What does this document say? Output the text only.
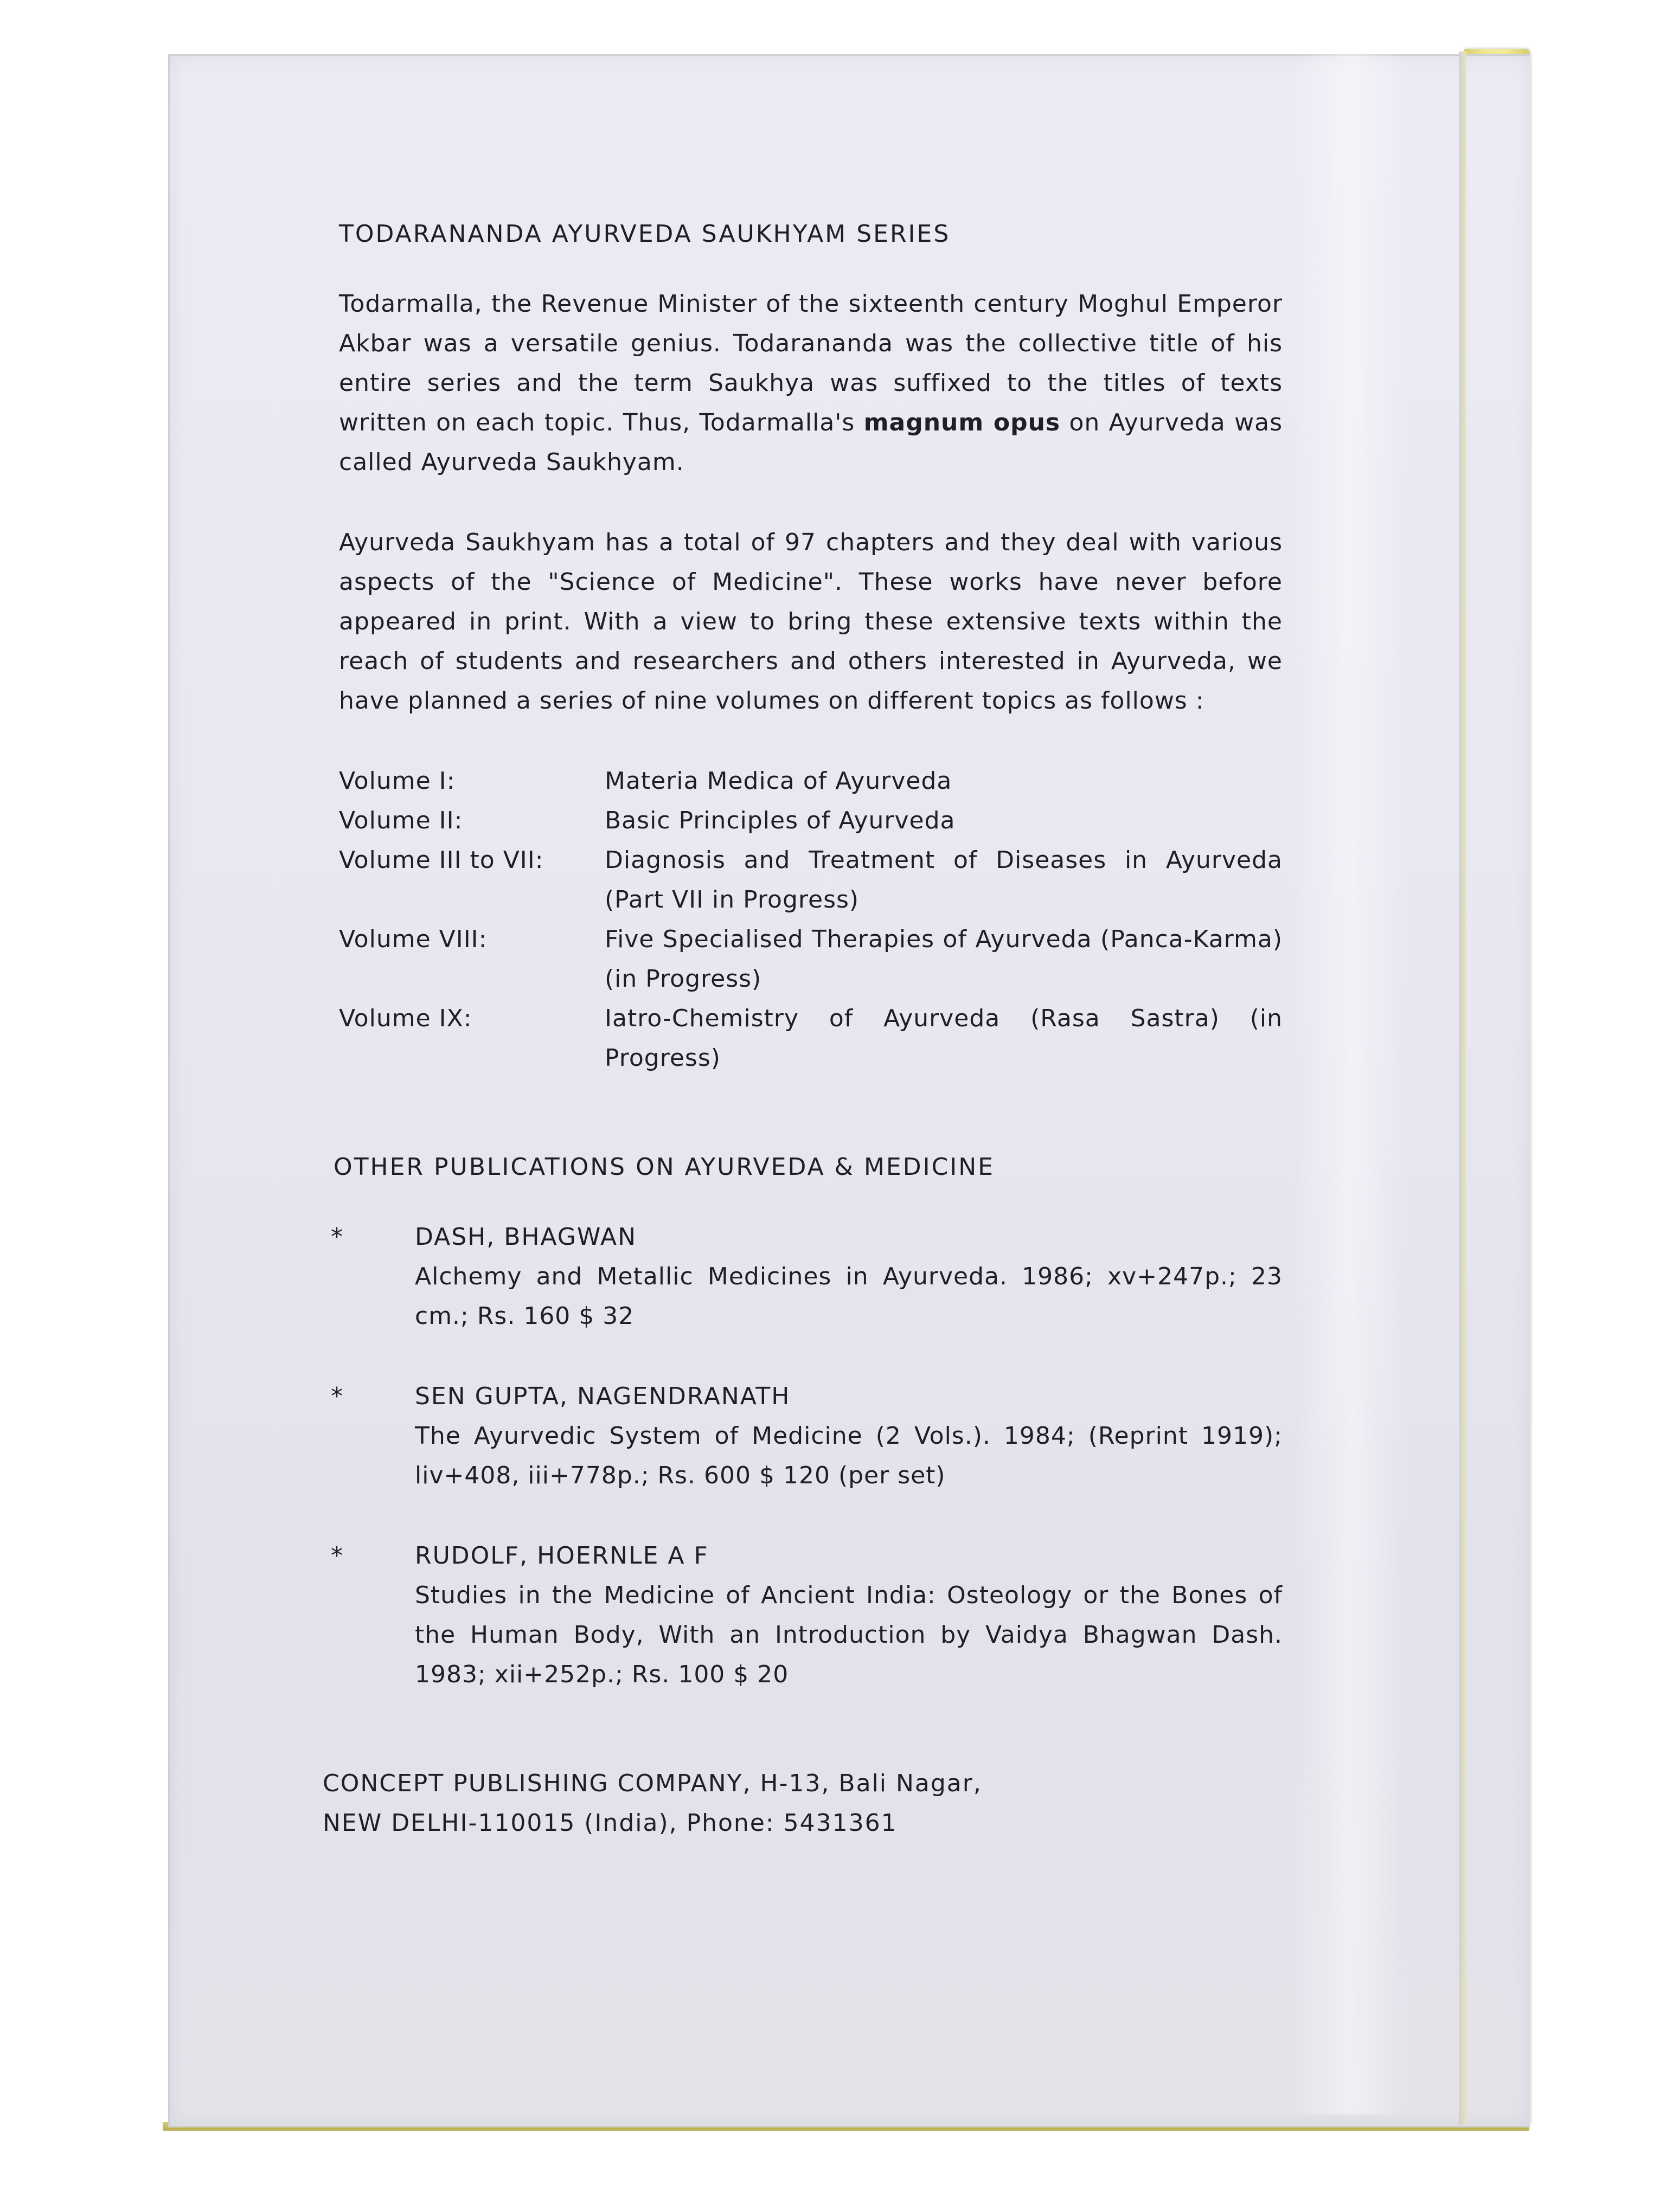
TODARANANDA AYURVEDA SAUKHYAM SERIES

Todarmalla, the Revenue Minister of the sixteenth century Moghul Emperor Akbar was a versatile genius. Todarananda was the collective title of his entire series and the term Saukhya was suffixed to the titles of texts written on each topic. Thus, Todarmalla's magnum opus on Ayurveda was called Ayurveda Saukhyam.

Ayurveda Saukhyam has a total of 97 chapters and they deal with various aspects of the "Science of Medicine". These works have never before appeared in print. With a view to bring these extensive texts within the reach of students and researchers and others interested in Ayurveda, we have planned a series of nine volumes on different topics as follows :

Volume I:	Materia Medica of Ayurveda
Volume II:	Basic Principles of Ayurveda
Volume III to VII:	Diagnosis and Treatment of Diseases in Ayurveda (Part VII in Progress)
Volume VIII:	Five Specialised Therapies of Ayurveda (Panca-Karma) (in Progress)
Volume IX:	Iatro-Chemistry of Ayurveda (Rasa Sastra) (in Progress)
OTHER PUBLICATIONS ON AYURVEDA & MEDICINE
*	DASH, BHAGWAN
Alchemy and Metallic Medicines in Ayurveda. 1986; xv+247p.; 23 cm.; Rs. 160 $ 32
*	SEN GUPTA, NAGENDRANATH
The Ayurvedic System of Medicine (2 Vols.). 1984; (Reprint 1919); liv+408, iii+778p.; Rs. 600 $ 120 (per set)
*	RUDOLF, HOERNLE A F
Studies in the Medicine of Ancient India: Osteology or the Bones of the Human Body, With an Introduction by Vaidya Bhagwan Dash. 1983; xii+252p.; Rs. 100 $ 20
CONCEPT PUBLISHING COMPANY, H-13, Bali Nagar,
NEW DELHI-110015 (India), Phone: 5431361
